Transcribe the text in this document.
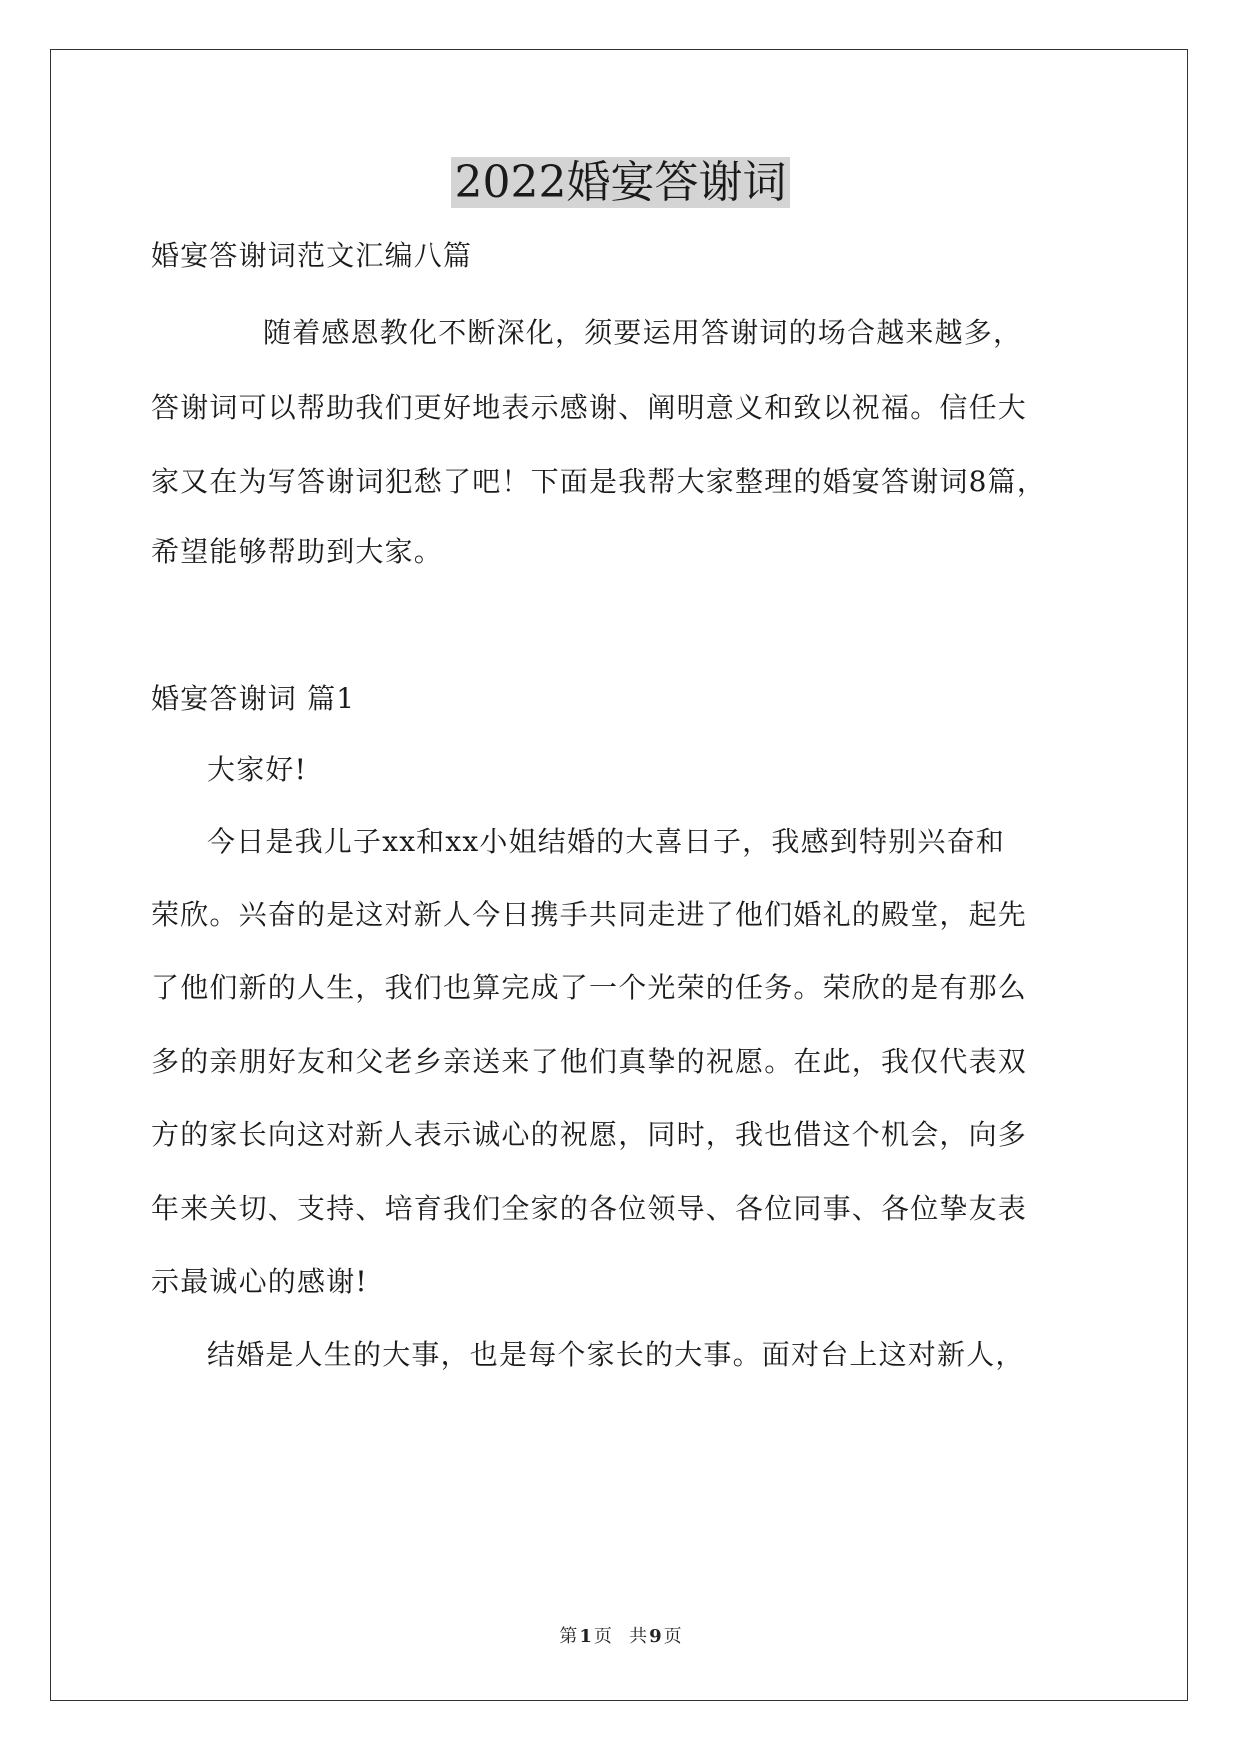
2022婚宴答谢词
婚宴答谢词范文汇编八篇
随着感恩教化不断深化，须要运用答谢词的场合越来越多，
答谢词可以帮助我们更好地表示感谢、阐明意义和致以祝福。信任大
家又在为写答谢词犯愁了吧！下面是我帮大家整理的婚宴答谢词8篇，
希望能够帮助到大家。
婚宴答谢词 篇1
大家好!
今日是我儿子xx和xx小姐结婚的大喜日子，我感到特别兴奋和
荣欣。兴奋的是这对新人今日携手共同走进了他们婚礼的殿堂，起先
了他们新的人生，我们也算完成了一个光荣的任务。荣欣的是有那么
多的亲朋好友和父老乡亲送来了他们真挚的祝愿。在此，我仅代表双
方的家长向这对新人表示诚心的祝愿，同时，我也借这个机会，向多
年来关切、支持、培育我们全家的各位领导、各位同事、各位挚友表
示最诚心的感谢!
结婚是人生的大事，也是每个家长的大事。面对台上这对新人，
第 1 页   共 9 页
